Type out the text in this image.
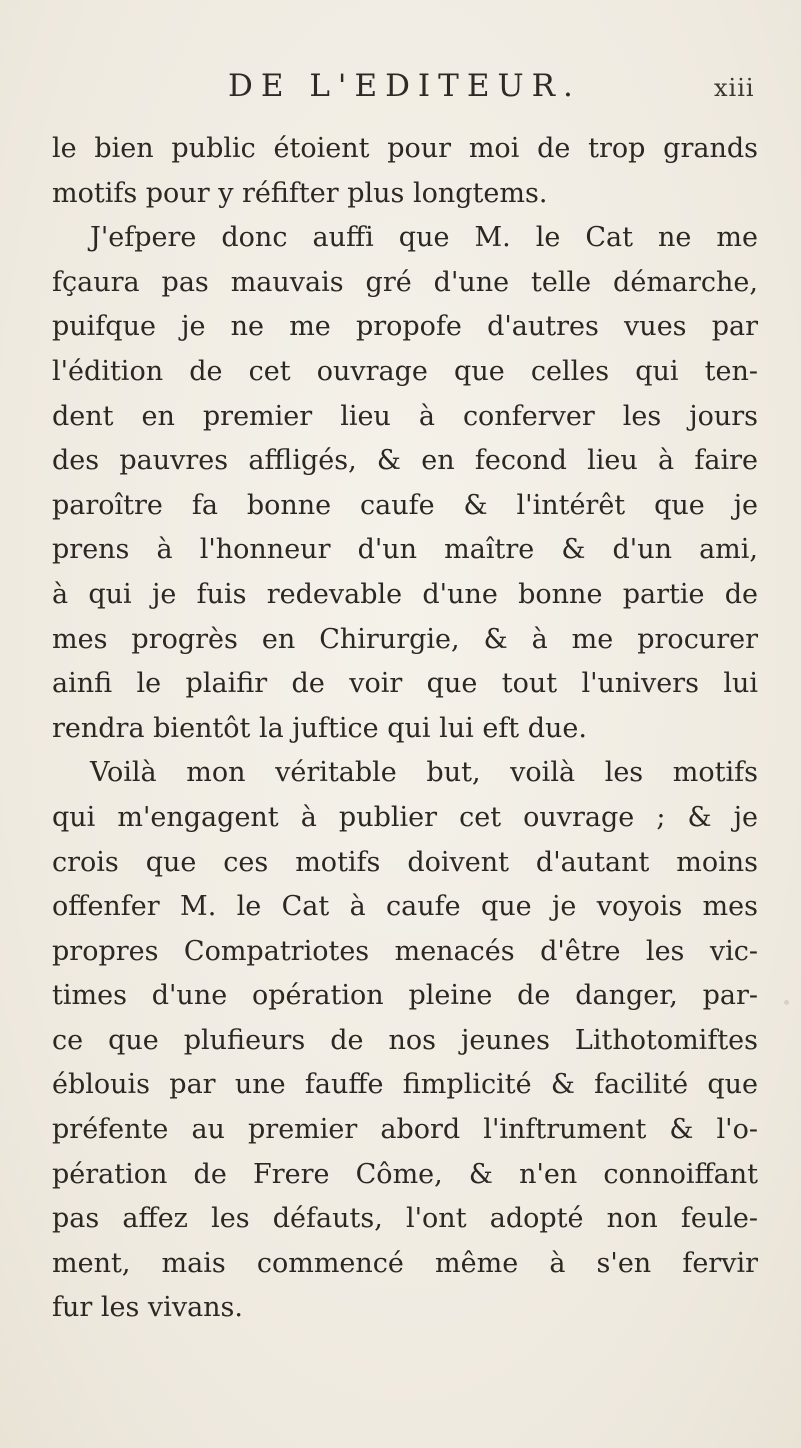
DE L'EDITEUR.	xiii
le bien public étoient pour moi de trop grands
motifs pour y réfifter plus longtems.
J'efpere donc auffi que M. le Cat ne me
fçaura pas mauvais gré d'une telle démarche,
puifque je ne me propofe d'autres vues par
l'édition de cet ouvrage que celles qui ten-
dent en premier lieu à conferver les jours
des pauvres affligés, & en fecond lieu à faire
paroître fa bonne caufe & l'intérêt que je
prens à l'honneur d'un maître & d'un ami,
à qui je fuis redevable d'une bonne partie de
mes progrès en Chirurgie, & à me procurer
ainfi le plaifir de voir que tout l'univers lui
rendra bientôt la juftice qui lui eft due.
Voilà mon véritable but, voilà les motifs
qui m'engagent à publier cet ouvrage ; & je
crois que ces motifs doivent d'autant moins
offenfer M. le Cat à caufe que je voyois mes
propres Compatriotes menacés d'être les vic-
times d'une opération pleine de danger, par-
ce que plufieurs de nos jeunes Lithotomiftes
éblouis par une fauffe fimplicité & facilité que
préfente au premier abord l'inftrument & l'o-
pération de Frere Côme, & n'en connoiffant
pas affez les défauts, l'ont adopté non feule-
ment, mais commencé même à s'en fervir
fur les vivans.
